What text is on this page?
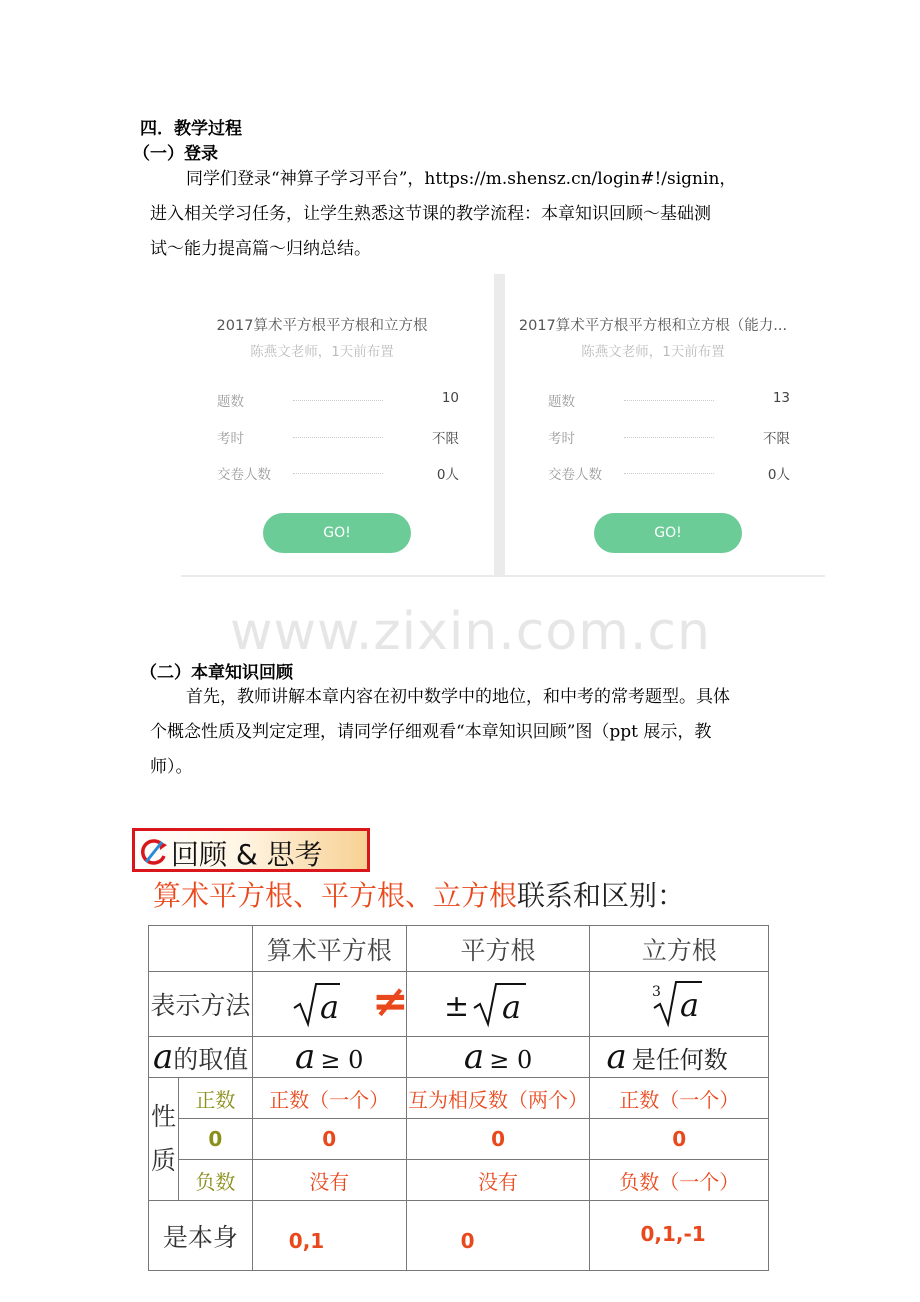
四．教学过程
（一）登录
同学们登录“神算子学习平台”，https://m.shensz.cn/login#!/signin，
进入相关学习任务，让学生熟悉这节课的教学流程：本章知识回顾～基础测
试～能力提高篇～归纳总结。
2017算术平方根平方根和立方根
陈燕文老师，1天前布置
题数	10
考时	不限
交卷人数	0人
GO!
2017算术平方根平方根和立方根（能力...
陈燕文老师，1天前布置
题数	13
考时	不限
交卷人数	0人
GO!
www.zixin.com.cn
（二）本章知识回顾
首先，教师讲解本章内容在初中数学中的地位，和中考的常考题型。具体
个概念性质及判定定理，请同学仔细观看“本章知识回顾”图（ppt 展示，教
师）。
回顾 & 思考
算术平方根、平方根、立方根联系和区别：
		算术平方根	平方根	立方根
表示方法		a ≠	± a	3 a

a的取值		a ≥ 0	a ≥ 0	a 是任何数

性
质	正数	正数（一个）	互为相反数（两个）	正数（一个）
	0	0	0	0
	负数	没有	没有	负数（一个）
是本身		0,1	0	0,1,-1
